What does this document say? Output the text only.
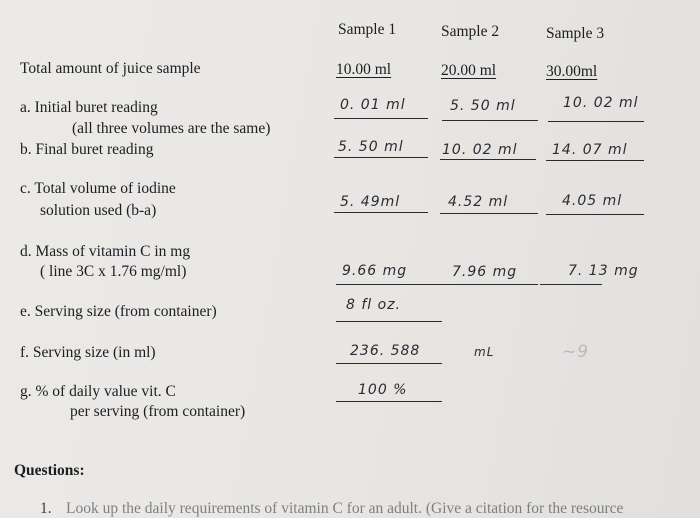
Sample 1	Sample 2	Sample 3
Total amount of juice sample	10.00 ml	20.00 ml	30.00ml
a. Initial buret reading
(all three volumes are the same)
0. 01 ml	5. 50 ml	10. 02 ml
b. Final buret reading	5. 50 ml	10. 02 ml 14. 07 ml
c. Total volume of iodine
solution used (b-a)	5. 49ml	4.52 ml	4.05 ml
d. Mass of vitamin C in mg
( line 3C x 1.76 mg/ml)	9.66 mg	7.96 mg	7. 13 mg
e. Serving size (from container)	8 fl oz.
f. Serving size (in ml)	236. 588	mL	~9
g. % of daily value vit. C
per serving (from container)
100 %
Questions:
1. Look up the daily requirements of vitamin C for an adult. (Give a citation for the resource
